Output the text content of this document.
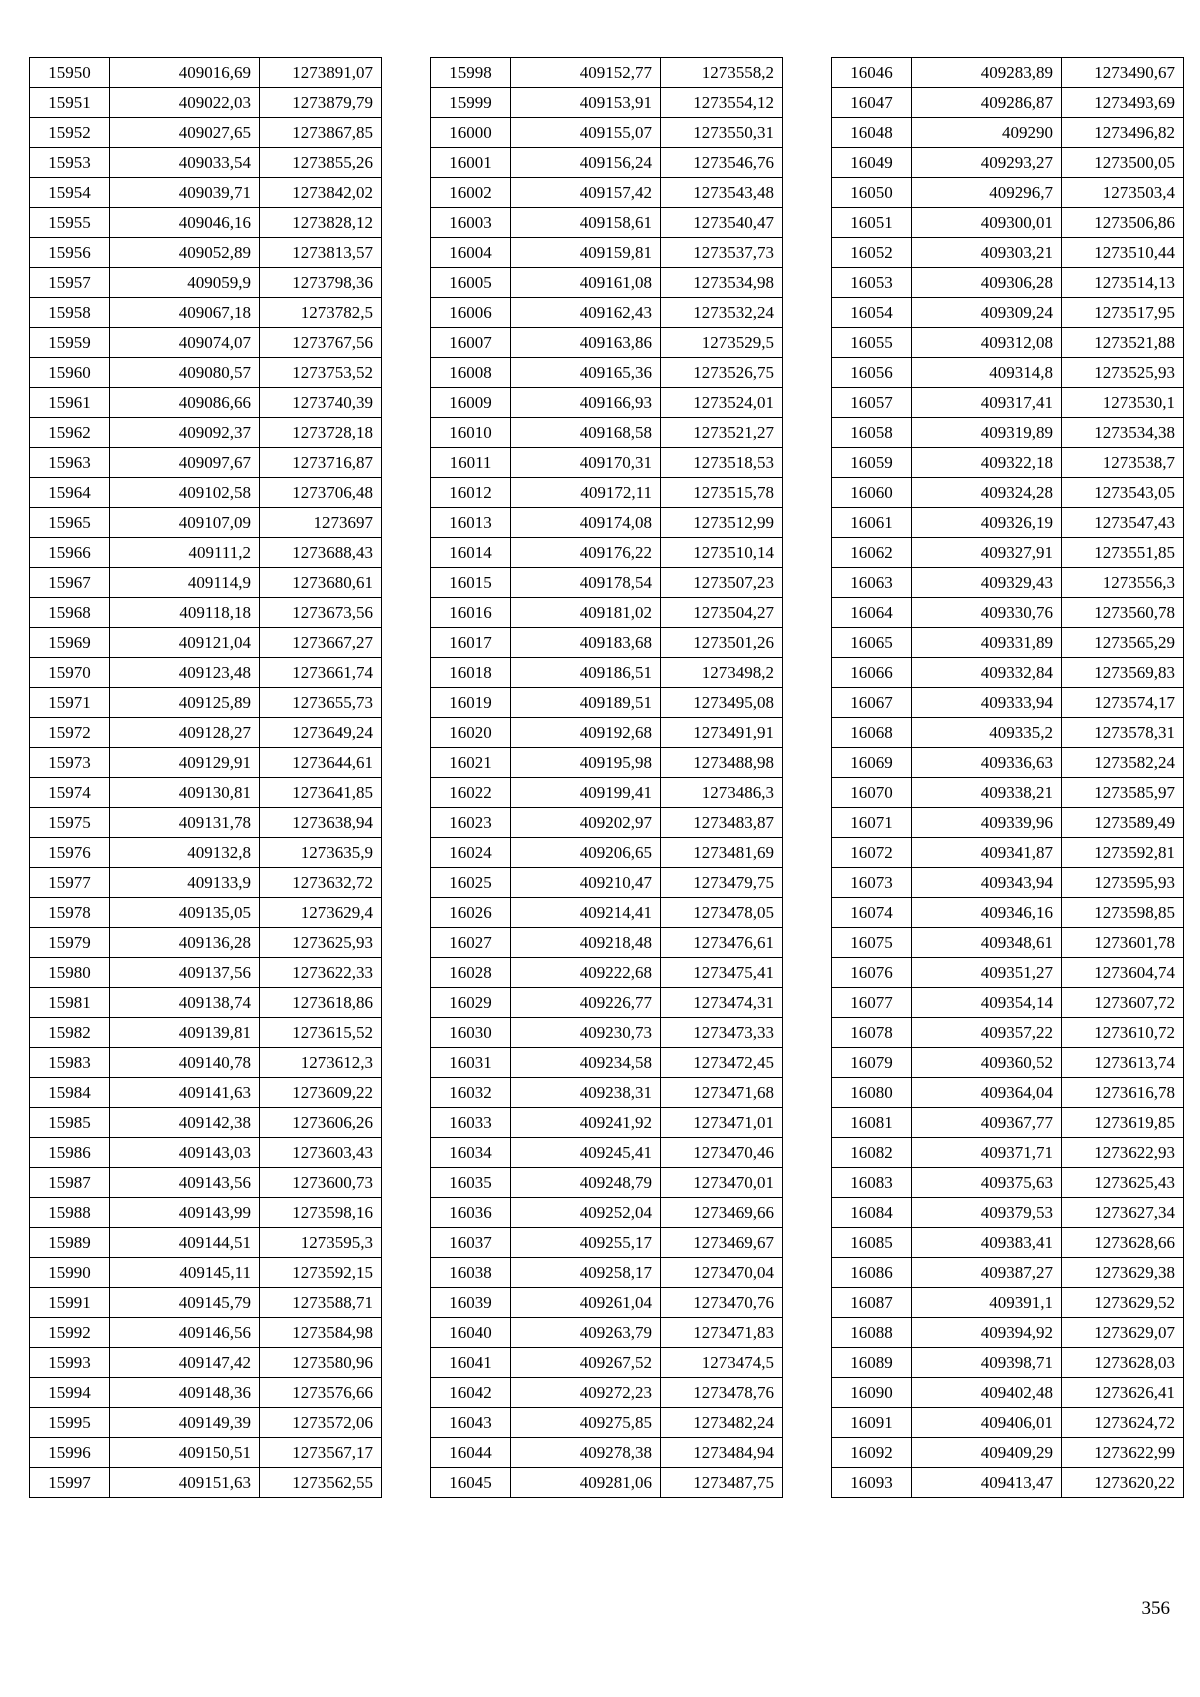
15950	409016,69	1273891,07
15951	409022,03	1273879,79
15952	409027,65	1273867,85
15953	409033,54	1273855,26
15954	409039,71	1273842,02
15955	409046,16	1273828,12
15956	409052,89	1273813,57
15957	409059,9	1273798,36
15958	409067,18	1273782,5
15959	409074,07	1273767,56
15960	409080,57	1273753,52
15961	409086,66	1273740,39
15962	409092,37	1273728,18
15963	409097,67	1273716,87
15964	409102,58	1273706,48
15965	409107,09	1273697
15966	409111,2	1273688,43
15967	409114,9	1273680,61
15968	409118,18	1273673,56
15969	409121,04	1273667,27
15970	409123,48	1273661,74
15971	409125,89	1273655,73
15972	409128,27	1273649,24
15973	409129,91	1273644,61
15974	409130,81	1273641,85
15975	409131,78	1273638,94
15976	409132,8	1273635,9
15977	409133,9	1273632,72
15978	409135,05	1273629,4
15979	409136,28	1273625,93
15980	409137,56	1273622,33
15981	409138,74	1273618,86
15982	409139,81	1273615,52
15983	409140,78	1273612,3
15984	409141,63	1273609,22
15985	409142,38	1273606,26
15986	409143,03	1273603,43
15987	409143,56	1273600,73
15988	409143,99	1273598,16
15989	409144,51	1273595,3
15990	409145,11	1273592,15
15991	409145,79	1273588,71
15992	409146,56	1273584,98
15993	409147,42	1273580,96
15994	409148,36	1273576,66
15995	409149,39	1273572,06
15996	409150,51	1273567,17
15997	409151,63	1273562,55
15998	409152,77	1273558,2
15999	409153,91	1273554,12
16000	409155,07	1273550,31
16001	409156,24	1273546,76
16002	409157,42	1273543,48
16003	409158,61	1273540,47
16004	409159,81	1273537,73
16005	409161,08	1273534,98
16006	409162,43	1273532,24
16007	409163,86	1273529,5
16008	409165,36	1273526,75
16009	409166,93	1273524,01
16010	409168,58	1273521,27
16011	409170,31	1273518,53
16012	409172,11	1273515,78
16013	409174,08	1273512,99
16014	409176,22	1273510,14
16015	409178,54	1273507,23
16016	409181,02	1273504,27
16017	409183,68	1273501,26
16018	409186,51	1273498,2
16019	409189,51	1273495,08
16020	409192,68	1273491,91
16021	409195,98	1273488,98
16022	409199,41	1273486,3
16023	409202,97	1273483,87
16024	409206,65	1273481,69
16025	409210,47	1273479,75
16026	409214,41	1273478,05
16027	409218,48	1273476,61
16028	409222,68	1273475,41
16029	409226,77	1273474,31
16030	409230,73	1273473,33
16031	409234,58	1273472,45
16032	409238,31	1273471,68
16033	409241,92	1273471,01
16034	409245,41	1273470,46
16035	409248,79	1273470,01
16036	409252,04	1273469,66
16037	409255,17	1273469,67
16038	409258,17	1273470,04
16039	409261,04	1273470,76
16040	409263,79	1273471,83
16041	409267,52	1273474,5
16042	409272,23	1273478,76
16043	409275,85	1273482,24
16044	409278,38	1273484,94
16045	409281,06	1273487,75
16046	409283,89	1273490,67
16047	409286,87	1273493,69
16048	409290	1273496,82
16049	409293,27	1273500,05
16050	409296,7	1273503,4
16051	409300,01	1273506,86
16052	409303,21	1273510,44
16053	409306,28	1273514,13
16054	409309,24	1273517,95
16055	409312,08	1273521,88
16056	409314,8	1273525,93
16057	409317,41	1273530,1
16058	409319,89	1273534,38
16059	409322,18	1273538,7
16060	409324,28	1273543,05
16061	409326,19	1273547,43
16062	409327,91	1273551,85
16063	409329,43	1273556,3
16064	409330,76	1273560,78
16065	409331,89	1273565,29
16066	409332,84	1273569,83
16067	409333,94	1273574,17
16068	409335,2	1273578,31
16069	409336,63	1273582,24
16070	409338,21	1273585,97
16071	409339,96	1273589,49
16072	409341,87	1273592,81
16073	409343,94	1273595,93
16074	409346,16	1273598,85
16075	409348,61	1273601,78
16076	409351,27	1273604,74
16077	409354,14	1273607,72
16078	409357,22	1273610,72
16079	409360,52	1273613,74
16080	409364,04	1273616,78
16081	409367,77	1273619,85
16082	409371,71	1273622,93
16083	409375,63	1273625,43
16084	409379,53	1273627,34
16085	409383,41	1273628,66
16086	409387,27	1273629,38
16087	409391,1	1273629,52
16088	409394,92	1273629,07
16089	409398,71	1273628,03
16090	409402,48	1273626,41
16091	409406,01	1273624,72
16092	409409,29	1273622,99
16093	409413,47	1273620,22
356
